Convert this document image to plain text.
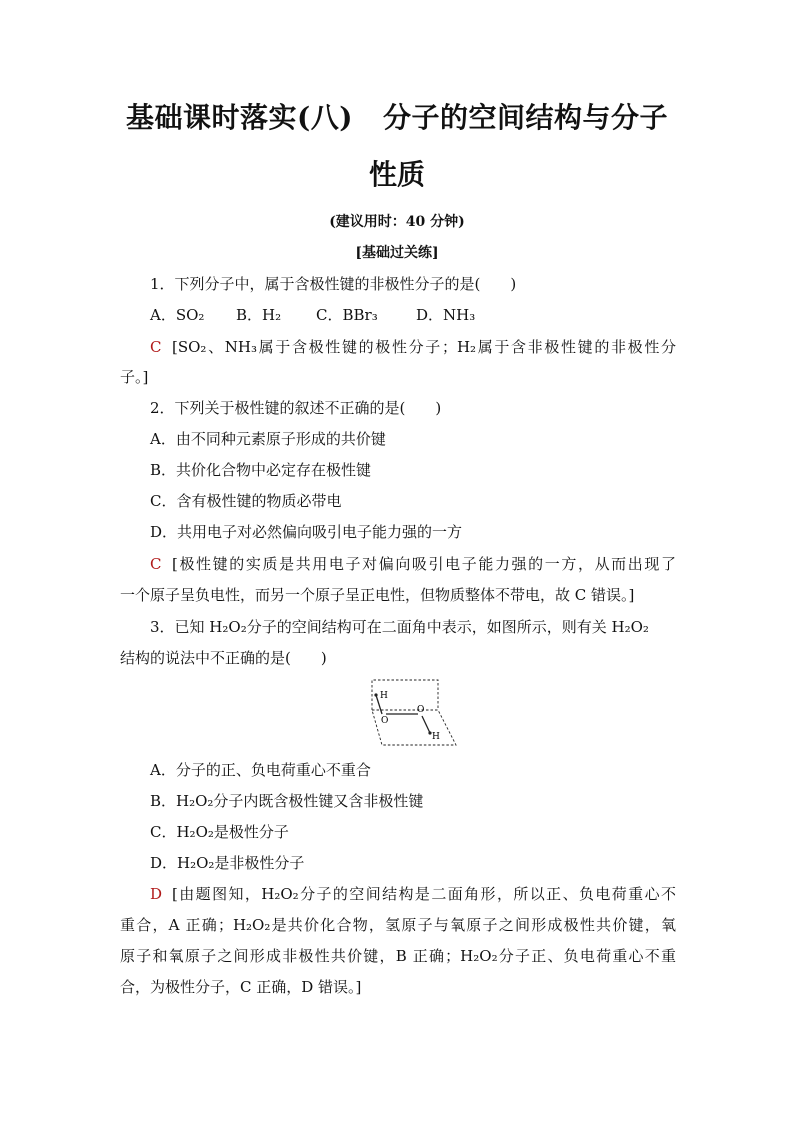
基础课时落实(八) 分子的空间结构与分子
性质
(建议用时：40 分钟)
[基础过关练]
1．下列分子中，属于含极性键的非极性分子的是(　　)
A．SO₂ B．H₂ C．BBr₃	D．NH₃
C [SO₂、NH₃属于含极性键的极性分子；H₂属于含非极性键的非极性分
子。]
2．下列关于极性键的叙述不正确的是(　　)
A．由不同种元素原子形成的共价键
B．共价化合物中必定存在极性键
C．含有极性键的物质必带电
D．共用电子对必然偏向吸引电子能力强的一方
C [极性键的实质是共用电子对偏向吸引电子能力强的一方，从而出现了
一个原子呈负电性，而另一个原子呈正电性，但物质整体不带电，故 C 错误。]
3．已知 H₂O₂分子的空间结构可在二面角中表示，如图所示，则有关 H₂O₂
结构的说法中不正确的是(　　)
H
O
O
H
A．分子的正、负电荷重心不重合
B．H₂O₂分子内既含极性键又含非极性键
C．H₂O₂是极性分子
D．H₂O₂是非极性分子
D [由题图知，H₂O₂分子的空间结构是二面角形，所以正、负电荷重心不
重合，A 正确；H₂O₂是共价化合物，氢原子与氧原子之间形成极性共价键，氧
原子和氧原子之间形成非极性共价键，B 正确；H₂O₂分子正、负电荷重心不重
合，为极性分子，C 正确，D 错误。]
